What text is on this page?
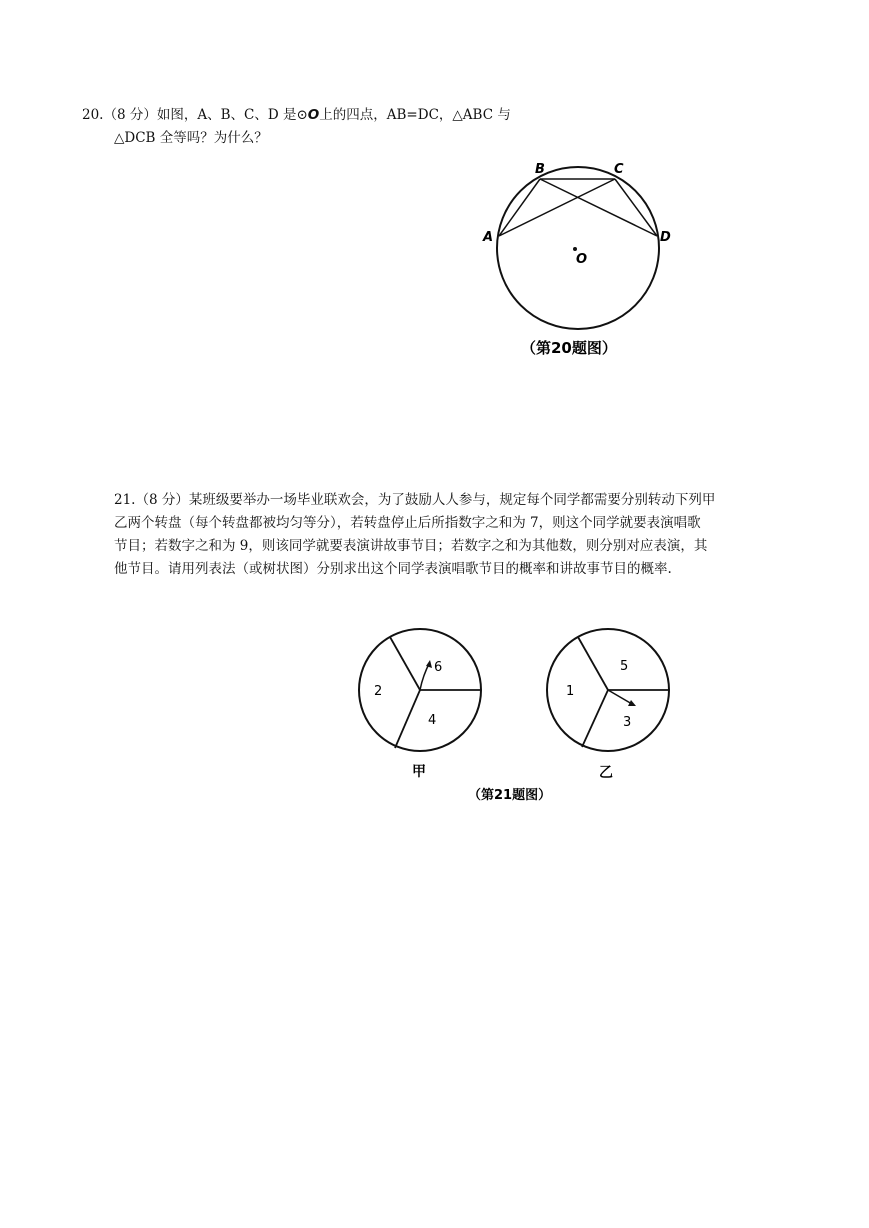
20.（8 分）如图，A、B、C、D 是⊙O上的四点，AB=DC，△ABC 与
△DCB 全等吗？为什么？
B	C
A	D
O
（第20题图）
21.（8 分）某班级要举办一场毕业联欢会，为了鼓励人人参与，规定每个同学都需要分别转动下列甲
乙两个转盘（每个转盘都被均匀等分），若转盘停止后所指数字之和为 7，则这个同学就要表演唱歌
节目；若数字之和为 9，则该同学就要表演讲故事节目；若数字之和为其他数，则分别对应表演，其
他节目。请用列表法（或树状图）分别求出这个同学表演唱歌节目的概率和讲故事节目的概率.
2
6
4
甲
1
5
3
乙
（第21题图）
